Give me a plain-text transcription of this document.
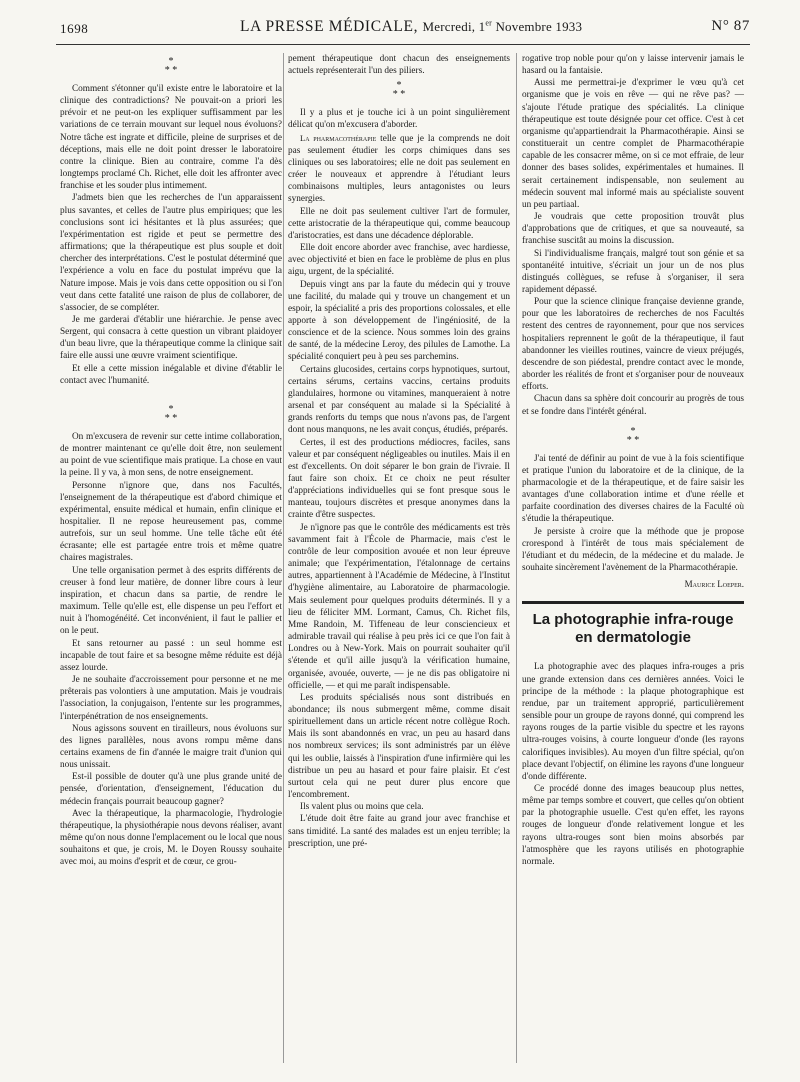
1698	LA PRESSE MÉDICALE, Mercredi, 1er Novembre 1933	N° 87
*
* *

Comment s'étonner qu'il existe entre le laboratoire et la clinique des contradictions? Ne pouvait-on a priori les prévoir et ne peut-on les expliquer suffisamment par les variations de ce terrain mouvant sur lequel nous évoluons? Notre tâche est ingrate et difficile, pleine de surprises et de déceptions, mais elle ne doit point dresser le laboratoire contre la clinique. Bien au contraire, comme l'a dès longtemps proclamé Ch. Richet, elle doit les affronter avec franchise et les souder plus intimement.

J'admets bien que les recherches de l'un apparaissent plus savantes, et celles de l'autre plus empiriques; que les conclusions sont ici hésitantes et là plus assurées; que l'expérimentation est rigide et peut se permettre des affirmations; que la thérapeutique est plus souple et doit chercher des interprétations. C'est le postulat déterminé que l'expérience a volu en face du postulat imprévu que la Nature impose. Mais je vois dans cette opposition ou si l'on veut dans cette fatalité une raison de plus de collaborer, de s'associer, de se compléter.

Je me garderai d'établir une hiérarchie. Je pense avec Sergent, qui consacra à cette question un vibrant plaidoyer d'un beau livre, que la thérapeutique comme la clinique sait faire elle aussi une œuvre vraiment scientifique.

Et elle a cette mission inégalable et divine d'établir le contact avec l'humanité.

*
* *

On m'excusera de revenir sur cette intime collaboration, de montrer maintenant ce qu'elle doit être, non seulement au point de vue scientifique mais pratique. La chose en vaut la peine. Il y va, à mon sens, de notre enseignement.

Personne n'ignore que, dans nos Facultés, l'enseignement de la thérapeutique est d'abord chimique et expérimental, ensuite médical et humain, enfin clinique et hospitalier. Il ne repose heureusement pas, comme autrefois, sur un seul homme. Une telle tâche eût été écrasante; elle est partagée entre trois et même quatre chaires magistrales.

Une telle organisation permet à des esprits différents de creuser à fond leur matière, de donner libre cours à leur inspiration, et chacun dans sa partie, de rendre le maximum. Telle qu'elle est, elle dispense un peu l'effort et nuit à l'homogénéité. Cet inconvénient, il faut le pallier et on le peut.

Et sans retourner au passé : un seul homme est incapable de tout faire et sa besogne même réduite est déjà assez lourde.

Je ne souhaite d'accroissement pour personne et ne me prêterais pas volontiers à une amputation. Mais je voudrais l'association, la conjugaison, l'entente sur les programmes, l'interpénétration de nos enseignements.

Nous agissons souvent en tirailleurs, nous évoluons sur des lignes parallèles, nous avons rompu même dans certains examens de fin d'année le maigre trait d'union qui nous unissait.

Est-il possible de douter qu'à une plus grande unité de pensée, d'orientation, d'enseignement, l'éducation du médecin français pourrait beaucoup gagner?

Avec la thérapeutique, la pharmacologie, l'hydrologie thérapeutique, la physiothérapie nous devons réaliser, avant même qu'on nous donne l'emplacement ou le local que nous souhaitons et que, je crois, M. le Doyen Roussy souhaite avec moi, au moins d'esprit et de cœur, ce grou-

pement thérapeutique dont chacun des enseignements actuels représenterait l'un des piliers.

*
* *

Il y a plus et je touche ici à un point singulièrement délicat qu'on m'excusera d'aborder.

La pharmacothérapie telle que je la comprends ne doit pas seulement étudier les corps chimiques dans ses cliniques ou ses laboratoires; elle ne doit pas seulement en créer le nouveaux et apprendre à l'étudiant leurs combinaisons multiples, leurs antagonistes ou leurs synergies.

Elle ne doit pas seulement cultiver l'art de formuler, cette aristocratie de la thérapeutique qui, comme beaucoup d'aristocraties, est dans une décadence déplorable.

Elle doit encore aborder avec franchise, avec hardiesse, avec objectivité et bien en face le problème de plus en plus aigu, urgent, de la spécialité.

Depuis vingt ans par la faute du médecin qui y trouve une facilité, du malade qui y trouve un changement et un espoir, la spécialité a pris des proportions colossales, et elle apporte à son développement de l'ingéniosité, de la conscience et de la science. Nous sommes loin des grains de santé, de la médecine Leroy, des pilules de Lamothe. La spécialité conquiert peu à peu ses parchemins.

Certains glucosides, certains corps hypnotiques, surtout, certains sérums, certains vaccins, certains produits glandulaires, hormone ou vitamines, manqueraient à notre arsenal et par conséquent au malade si la Spécialité à grands renforts du temps que nous n'avons pas, de l'argent dont nous manquons, ne les avait conçus, étudiés, préparés.

Certes, il est des productions médiocres, faciles, sans valeur et par conséquent négligeables ou inutiles. Mais il en est d'excellents. On doit séparer le bon grain de l'ivraie. Il faut faire son choix. Et ce choix ne peut résulter d'appréciations individuelles qui se font presque sous le manteau, toujours discrètes et presque anonymes dans la crainte d'être suspectes.

Je n'ignore pas que le contrôle des médicaments est très savamment fait à l'École de Pharmacie, mais c'est le contrôle de leur composition avouée et non leur épreuve animale; que l'expérimentation, l'étalonnage de certains autres, appartiennent à l'Académie de Médecine, à l'Institut d'hygiène alimentaire, au Laboratoire de pharmacologie. Mais seulement pour quelques produits déterminés. Il y a lieu de féliciter MM. Lormant, Camus, Ch. Richet fils, Mme Randoin, M. Tiffeneau de leur consciencieux et admirable travail qui réalise à peu près ici ce que l'on fait à Londres ou à New-York. Mais on pourrait souhaiter qu'il s'étende et qu'il aille jusqu'à la vérification humaine, organisée, avouée, ouverte, — je ne dis pas obligatoire ni officielle, — et qui me paraît indispensable.

Les produits spécialisés nous sont distribués en abondance; ils nous submergent même, comme disait spirituellement dans un article récent notre collègue Roch. Mais ils sont abandonnés en vrac, un peu au hasard dans nos nombreux services; ils sont administrés par un élève qui les oublie, laissés à l'inspiration d'une infirmière qui les distribue un peu au hasard et pour faire plaisir. Et c'est surtout cela qui ne peut durer plus encore que l'encombrement.

Ils valent plus ou moins que cela.

L'étude doit être faite au grand jour avec franchise et sans timidité. La santé des malades est un enjeu terrible; la prescription, une pré-

rogative trop noble pour qu'on y laisse intervenir jamais le hasard ou la fantaisie.

Aussi me permettrai-je d'exprimer le vœu qu'à cet organisme que je vois en rêve — qui ne rêve pas? — s'ajoute l'étude pratique des spécialités. La clinique thérapeutique est toute désignée pour cet office. C'est à cet organisme qu'appartiendrait la Pharmacothérapie. Ainsi se constituerait un centre complet de Pharmacothérapie capable de les consacrer même, on si ce mot effraie, de leur donner des bases solides, expérimentales et humaines. Il serait certainement indispensable, non seulement au médecin souvent mal informé mais au spécialiste souvent un peu partiaal.

Je voudrais que cette proposition trouvât plus d'approbations que de critiques, et que sa nouveauté, sa franchise suscitât au moins la discussion.

Si l'individualisme français, malgré tout son génie et sa spontanéité intuitive, s'écriait un jour un de nos plus distingués collègues, se refuse à s'organiser, il sera rapidement dépassé.

Pour que la science clinique française devienne grande, pour que les laboratoires de recherches de nos Facultés restent des centres de rayonnement, pour que nos services hospitaliers reprennent le goût de la thérapeutique, il faut abandonner les vieilles routines, vaincre de vieux préjugés, descendre de son piédestal, prendre contact avec le monde, aborder les réalités de front et s'organiser pour de nouveaux efforts.

Chacun dans sa sphère doit concourir au progrès de tous et se fondre dans l'intérêt général.

*
* *

J'ai tenté de définir au point de vue à la fois scientifique et pratique l'union du laboratoire et de la clinique, de la pharmacologie et de la thérapeutique, et de faire saisir les avantages d'une collaboration intime et d'une réelle et parfaite coordination des diverses chaires de la Faculté où s'étudie la thérapeutique.

Je persiste à croire que la méthode que je propose crorespond à l'intérêt de tous mais spécialement de l'étudiant et du médecin, de la médecine et du malade. Je souhaite sincèrement l'avènement de la Pharmacothérapie.

Maurice Loeper.

La photographie infra-rouge
en dermatologie

La photographie avec des plaques infra-rouges a pris une grande extension dans ces dernières années. Voici le principe de la méthode : la plaque photographique est rendue, par un traitement approprié, particulièrement sensible pour un groupe de rayons donné, qui comprend les rayons rouges de la partie visible du spectre et les rayons ultra-rouges voisins, à courte longueur d'onde (les rayons calorifiques invisibles). Au moyen d'un filtre spécial, qu'on place devant l'objectif, on élimine les rayons d'une longueur d'onde différente.

Ce procédé donne des images beaucoup plus nettes, même par temps sombre et couvert, que celles qu'on obtient par la photographie usuelle. C'est qu'en effet, les rayons rouges de longueur d'onde relativement longue et les rayons ultra-rouges sont bien moins absorbés par l'atmosphère que les rayons utilisés en photographie normale.
